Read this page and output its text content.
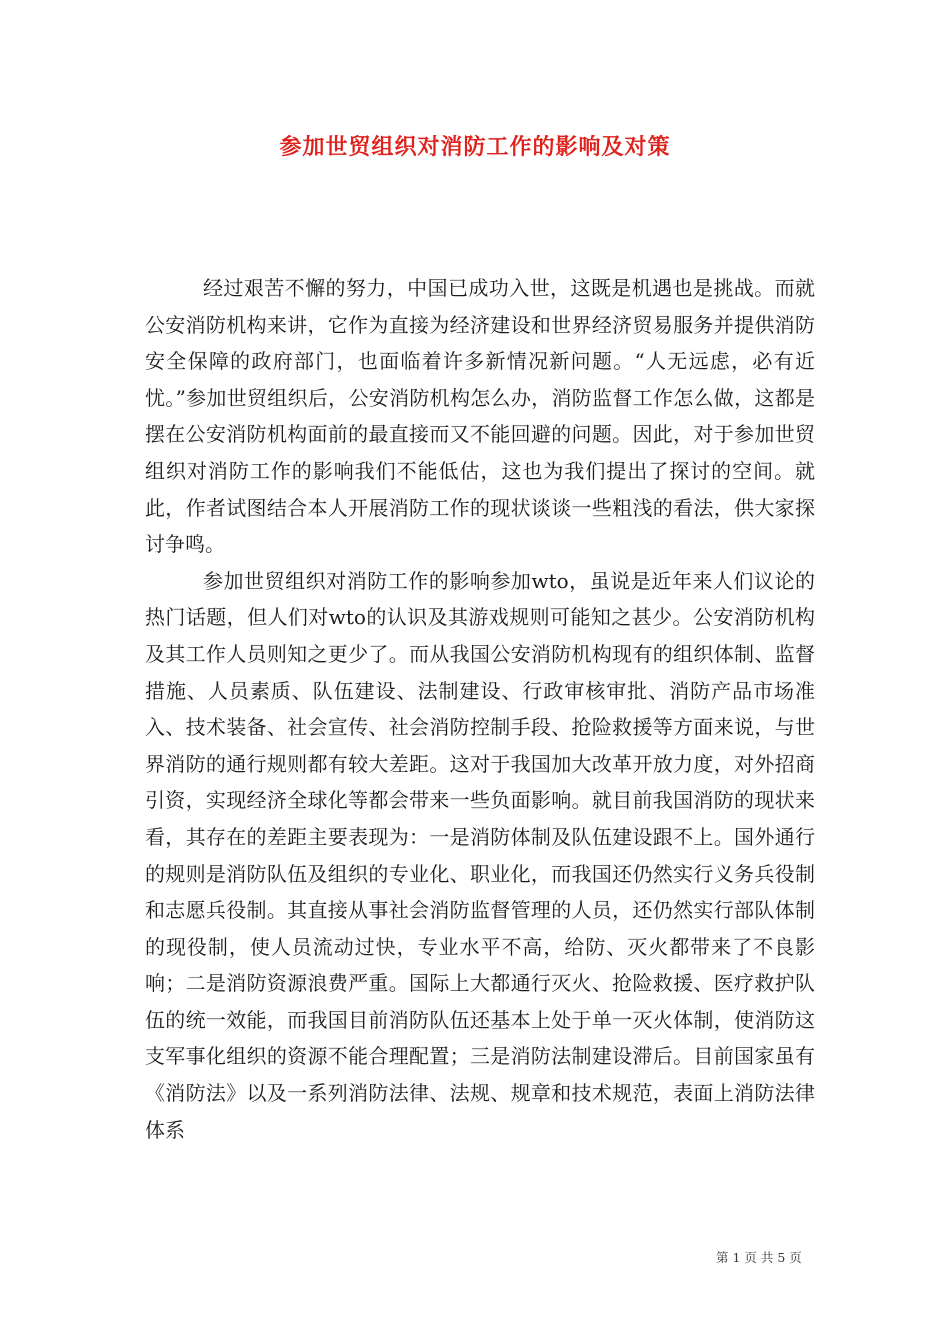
参加世贸组织对消防工作的影响及对策

经过艰苦不懈的努力，中国已成功入世，这既是机遇也是挑战。而就公安消防机构来讲，它作为直接为经济建设和世界经济贸易服务并提供消防安全保障的政府部门，也面临着许多新情况新问题。“人无远虑，必有近忧。”参加世贸组织后，公安消防机构怎么办，消防监督工作怎么做，这都是摆在公安消防机构面前的最直接而又不能回避的问题。因此，对于参加世贸组织对消防工作的影响我们不能低估，这也为我们提出了探讨的空间。就此，作者试图结合本人开展消防工作的现状谈谈一些粗浅的看法，供大家探讨争鸣。

参加世贸组织对消防工作的影响参加wto，虽说是近年来人们议论的热门话题，但人们对wto的认识及其游戏规则可能知之甚少。公安消防机构及其工作人员则知之更少了。而从我国公安消防机构现有的组织体制、监督措施、人员素质、队伍建设、法制建设、行政审核审批、消防产品市场准入、技术装备、社会宣传、社会消防控制手段、抢险救援等方面来说，与世界消防的通行规则都有较大差距。这对于我国加大改革开放力度，对外招商引资，实现经济全球化等都会带来一些负面影响。就目前我国消防的现状来看，其存在的差距主要表现为：一是消防体制及队伍建设跟不上。国外通行的规则是消防队伍及组织的专业化、职业化，而我国还仍然实行义务兵役制和志愿兵役制。其直接从事社会消防监督管理的人员，还仍然实行部队体制的现役制，使人员流动过快，专业水平不高，给防、灭火都带来了不良影响；二是消防资源浪费严重。国际上大都通行灭火、抢险救援、医疗救护队伍的统一效能，而我国目前消防队伍还基本上处于单一灭火体制，使消防这支军事化组织的资源不能合理配置；三是消防法制建设滞后。目前国家虽有《消防法》以及一系列消防法律、法规、规章和技术规范，表面上消防法律体系

第 1 页 共 5 页
